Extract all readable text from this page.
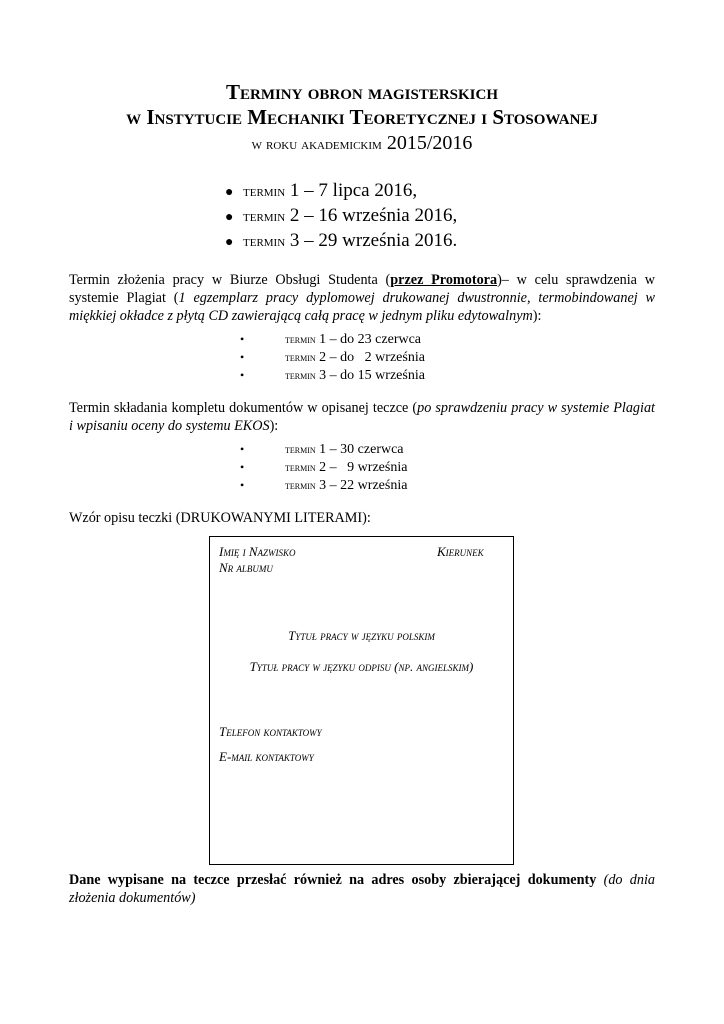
Terminy obron magisterskich
w Instytucie Mechaniki Teoretycznej i Stosowanej
w roku akademickim 2015/2016
● termin 1 – 7 lipca 2016,
● termin 2 – 16 września 2016,
● termin 3 – 29 września 2016.

Termin złożenia pracy w Biurze Obsługi Studenta (przez Promotora)– w celu sprawdzenia w systemie Plagiat (1 egzemplarz pracy dyplomowej drukowanej dwustronnie, termobindowanej w miękkiej okładce z płytą CD zawierającą całą pracę w jednym pliku edytowalnym):

•	termin 1 – do 23 czerwca
•	termin 2 – do   2 września
•	termin 3 – do 15 września

Termin składania kompletu dokumentów w opisanej teczce (po sprawdzeniu pracy w systemie Plagiat i wpisaniu oceny do systemu EKOS):

•	termin 1 – 30 czerwca
•	termin 2 –   9 września
•	termin 3 – 22 września
Wzór opisu teczki (DRUKOWANYMI LITERAMI):
Imię i Nazwisko	Kierunek
Nr albumu
Tytuł pracy w języku polskim
Tytuł pracy w języku odpisu (np. angielskim)
Telefon kontaktowy
E-mail kontaktowy

Dane wypisane na teczce przesłać również na adres osoby zbierającej dokumenty (do dnia złożenia dokumentów)
